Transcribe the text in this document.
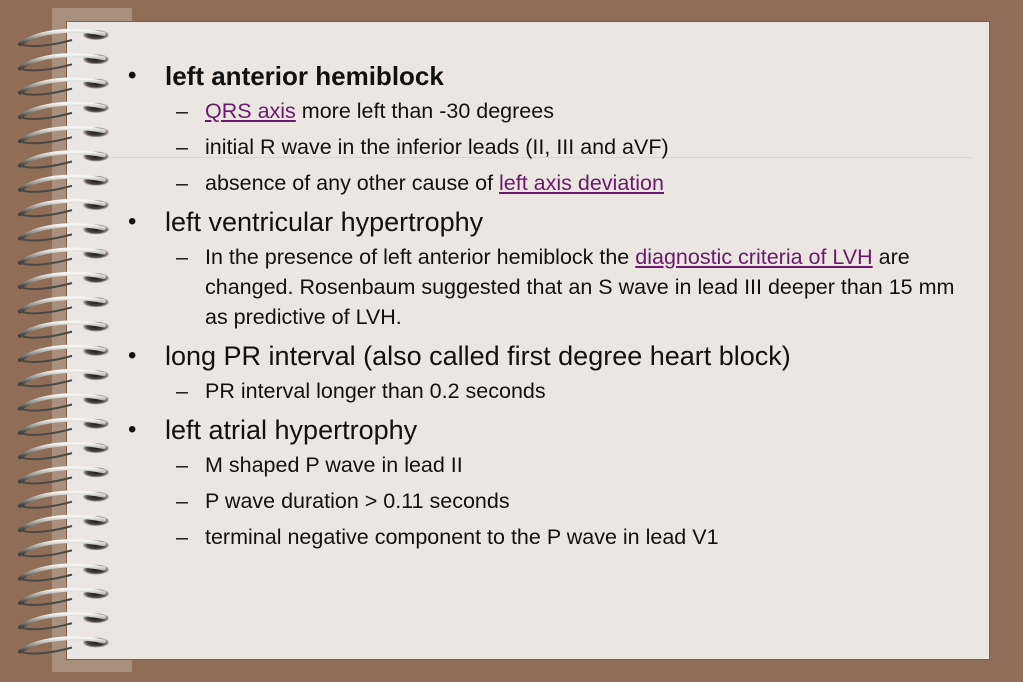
• left anterior hemiblock
– QRS axis more left than -30 degrees
– initial R wave in the inferior leads (II, III and aVF)
– absence of any other cause of left axis deviation
• left ventricular hypertrophy
– In the presence of left anterior hemiblock the diagnostic criteria of LVH are changed. Rosenbaum suggested that an S wave in lead III deeper than 15 mm as predictive of LVH.
• long PR interval (also called first degree heart block)
– PR interval longer than 0.2 seconds
• left atrial hypertrophy
– M shaped P wave in lead II
– P wave duration > 0.11 seconds
– terminal negative component to the P wave in lead V1
